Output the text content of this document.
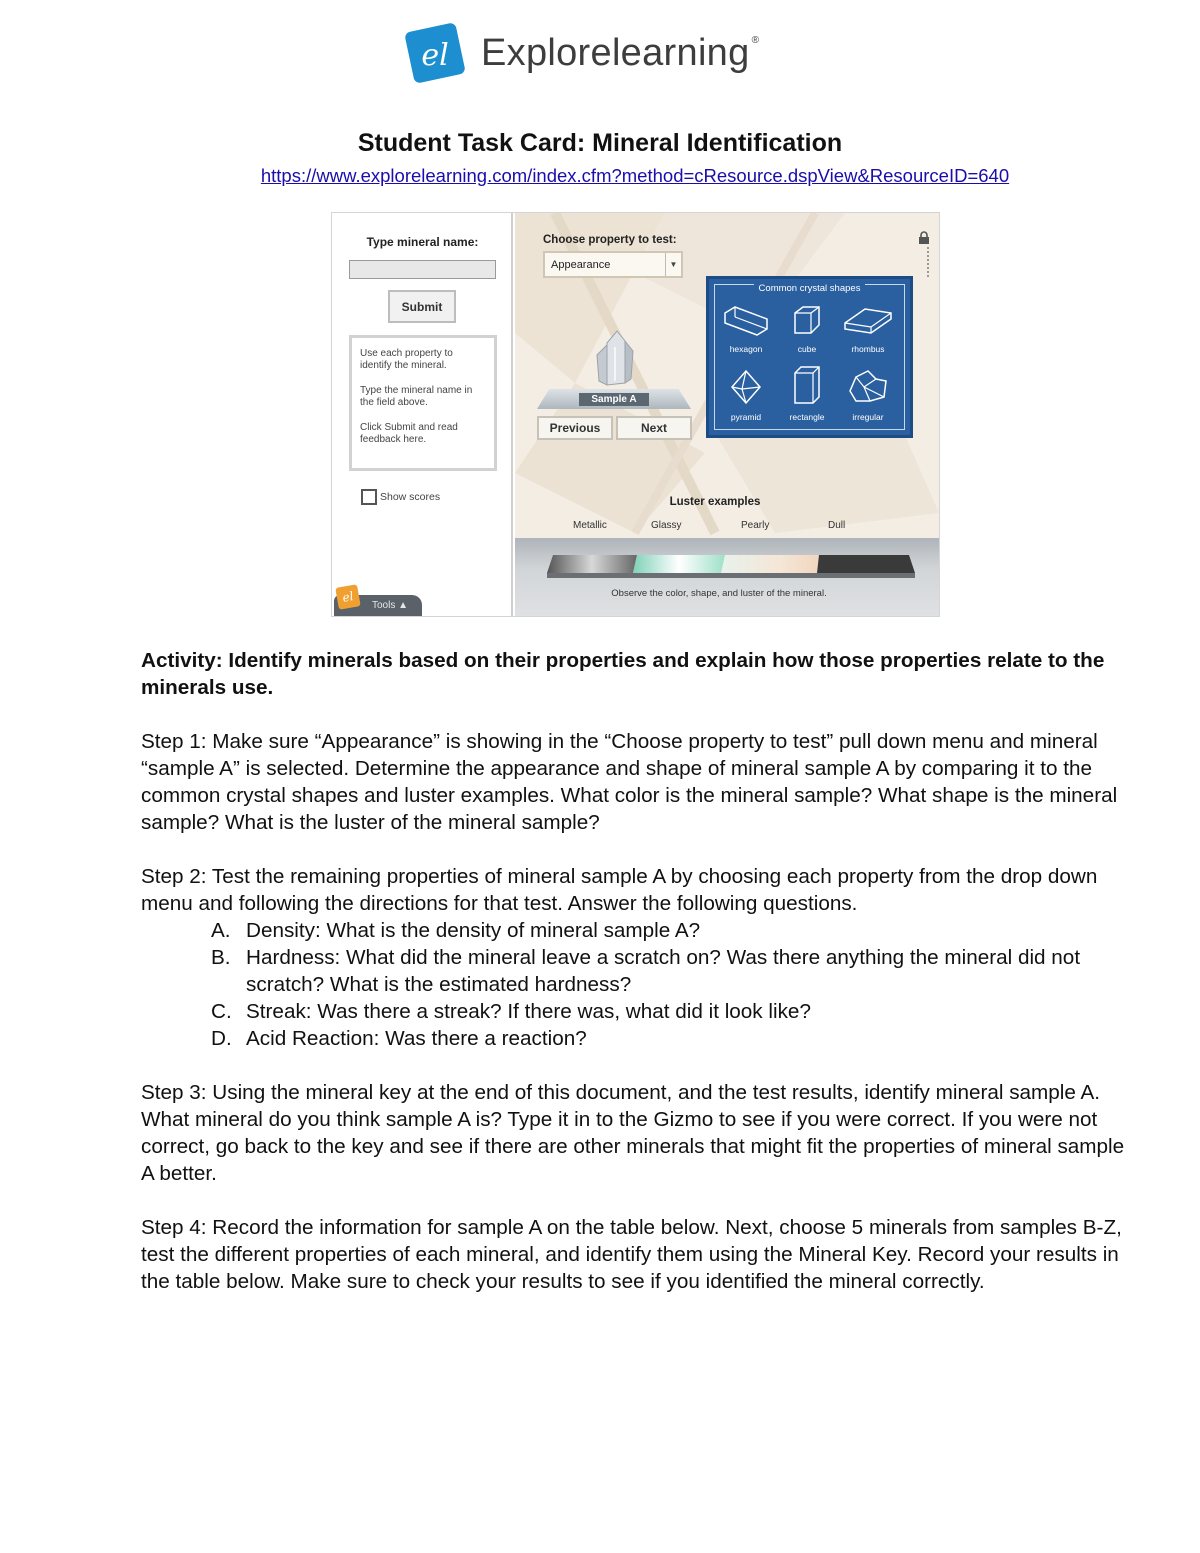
el Explorelearning ®
Student Task Card: Mineral Identification
https://www.explorelearning.com/index.cfm?method=cResource.dspView&ResourceID=640
Type mineral name:
Submit

Use each property to identify the mineral.

Type the mineral name in the field above.

Click Submit and read feedback here.

Show scores
el
Tools ▲
Choose property to test:
Appearance	▼
Sample A
Previous	Next
Common crystal shapes
hexagon	cube	rhombus
pyramid	rectangle	irregular
Luster examples
Metallic	Glassy	Pearly	Dull
Observe the color, shape, and luster of the mineral.
Activity: Identify minerals based on their properties and explain how those properties relate to the minerals use.
Step 1: Make sure “Appearance” is showing in the “Choose property to test” pull down menu and mineral “sample A” is selected. Determine the appearance and shape of mineral sample A by comparing it to the common crystal shapes and luster examples. What color is the mineral sample? What shape is the mineral sample? What is the luster of the mineral sample?
Step 2: Test the remaining properties of mineral sample A by choosing each property from the drop down menu and following the directions for that test. Answer the following questions.
A. Density: What is the density of mineral sample A?
B. Hardness: What did the mineral leave a scratch on? Was there anything the mineral did not scratch? What is the estimated hardness?
C. Streak: Was there a streak? If there was, what did it look like?
D. Acid Reaction: Was there a reaction?
Step 3: Using the mineral key at the end of this document, and the test results, identify mineral sample A. What mineral do you think sample A is? Type it in to the Gizmo to see if you were correct. If you were not correct, go back to the key and see if there are other minerals that might fit the properties of mineral sample A better.
Step 4: Record the information for sample A on the table below. Next, choose 5 minerals from samples B-Z, test the different properties of each mineral, and identify them using the Mineral Key. Record your results in the table below. Make sure to check your results to see if you identified the mineral correctly.
